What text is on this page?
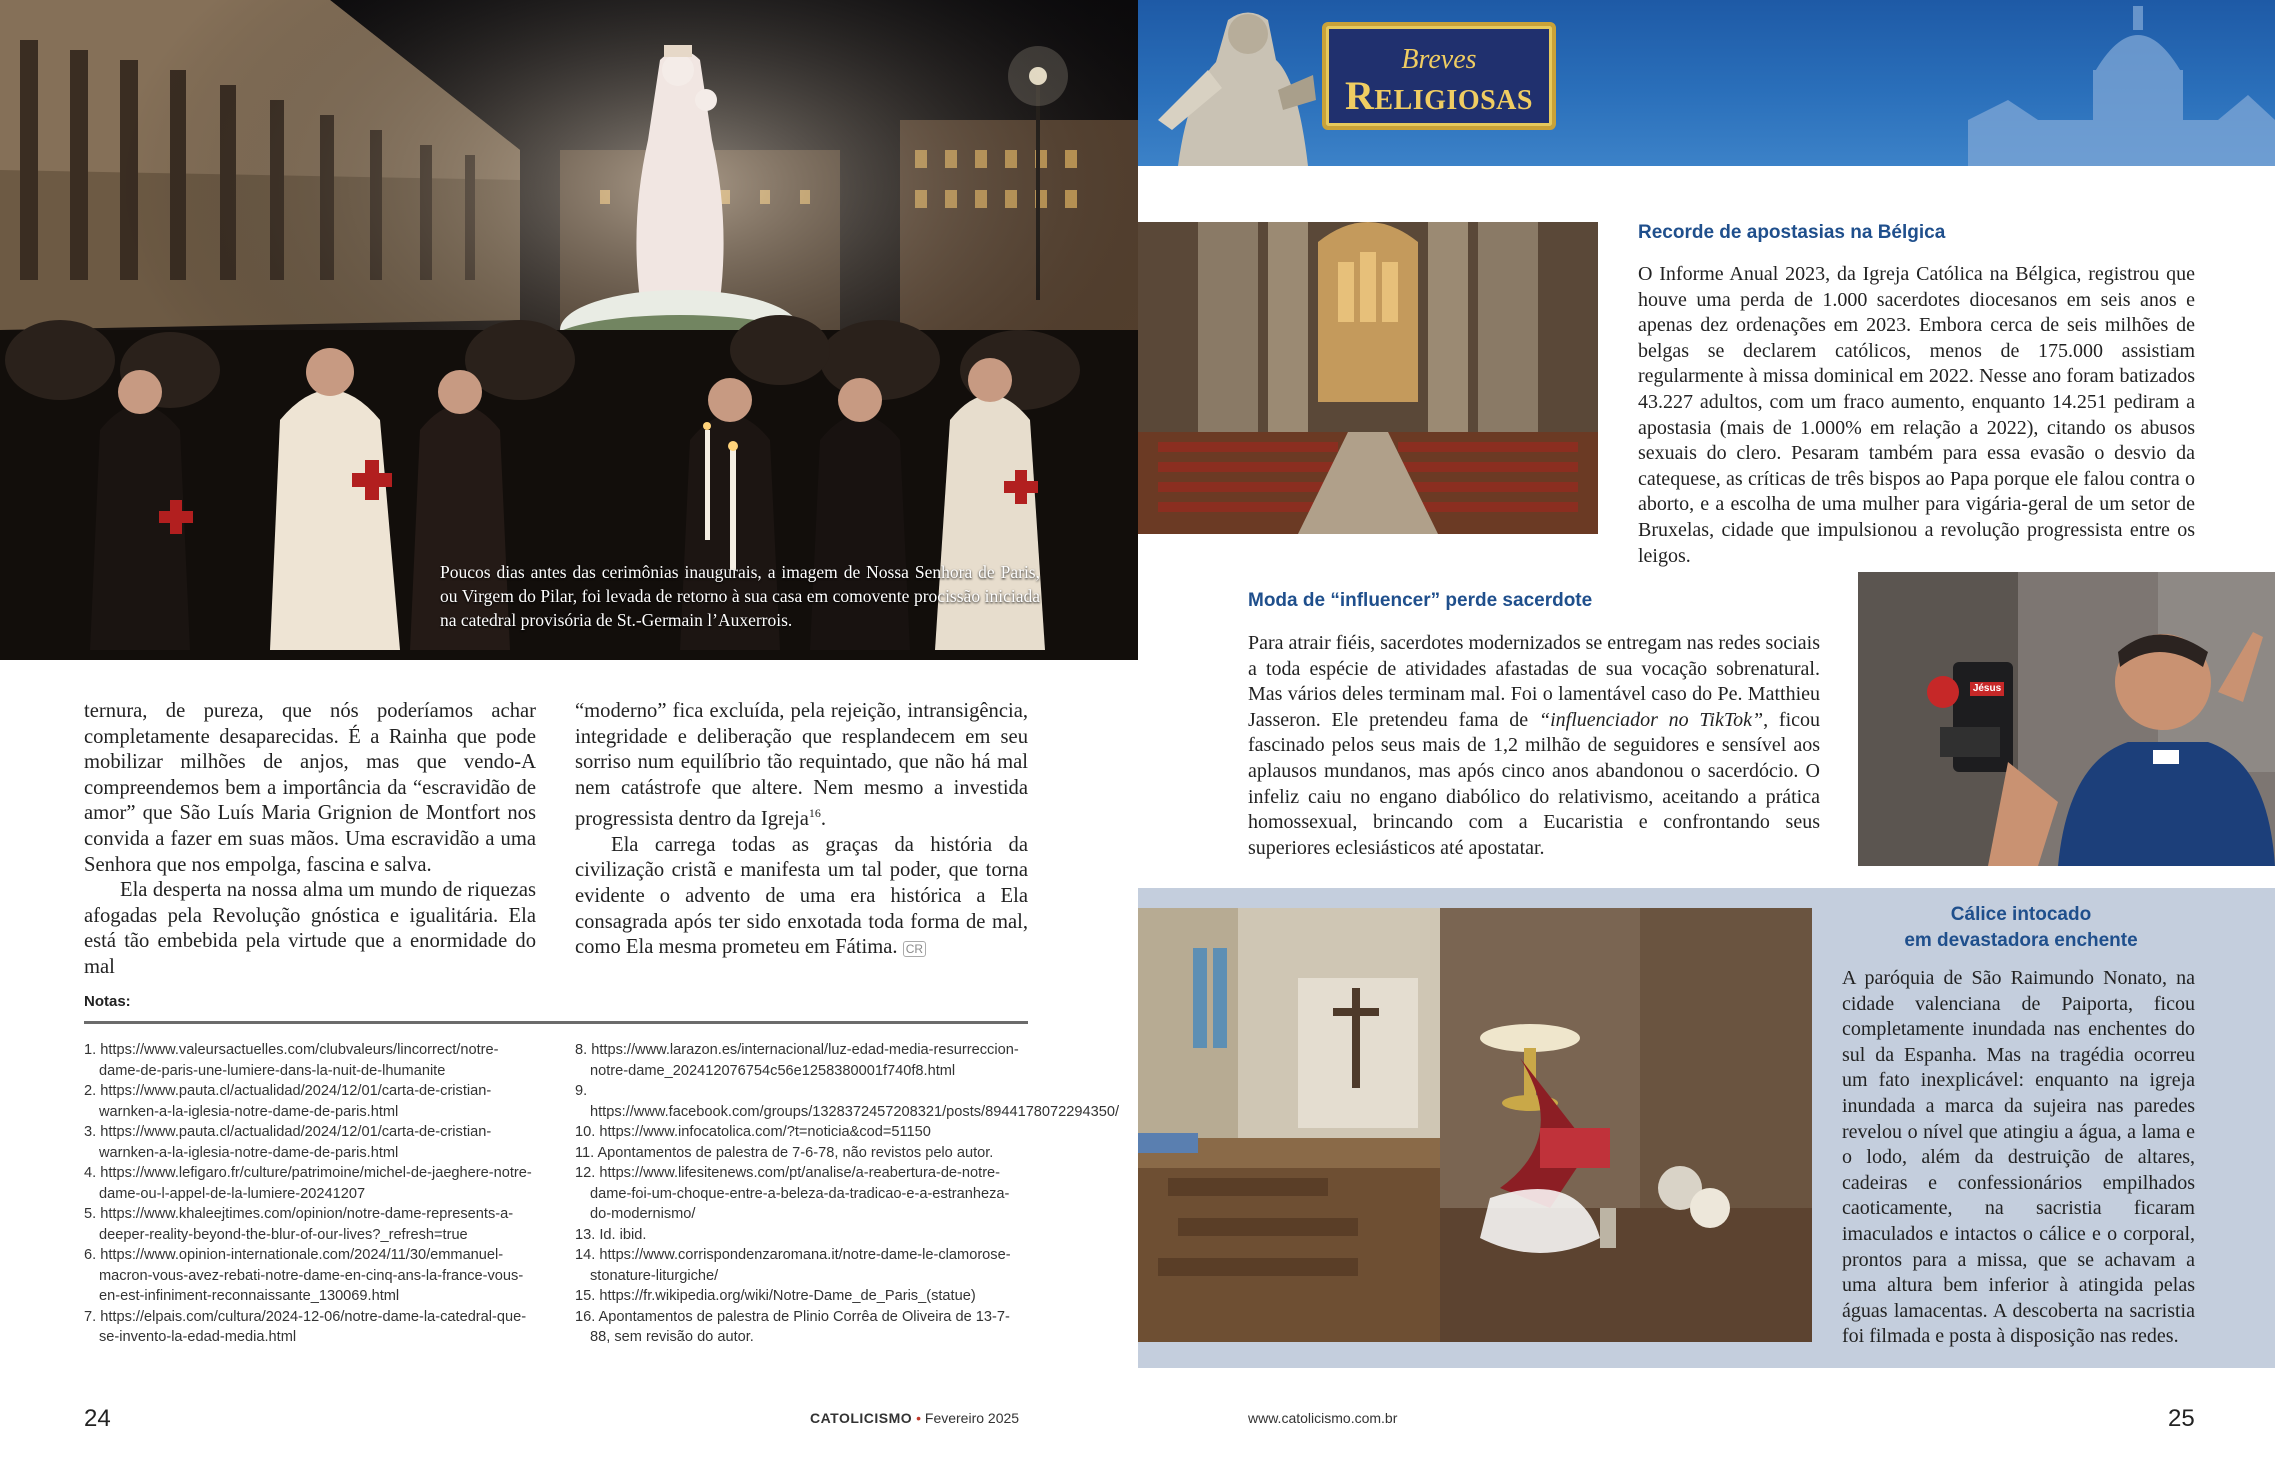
Poucos dias antes das cerimônias inaugurais, a imagem de Nossa Senhora de Paris, ou Virgem do Pilar, foi levada de retorno à sua casa em comovente procissão iniciada na catedral provisória de St.-Germain l’Auxerrois.

ternura, de pureza, que nós poderíamos achar completamente desaparecidas. É a Rainha que pode mobilizar milhões de anjos, mas que vendo-A compreendemos bem a importância da “escravidão de amor” que São Luís Maria Grignion de Montfort nos convida a fazer em suas mãos. Uma escravidão a uma Senhora que nos empolga, fascina e salva.

Ela desperta na nossa alma um mundo de riquezas afogadas pela Revolução gnóstica e igualitária. Ela está tão embebida pela virtude que a enormidade do mal

“moderno” fica excluída, pela rejeição, intransigência, integridade e deliberação que resplandecem em seu sorriso num equilíbrio tão requintado, que não há mal nem catástrofe que altere. Nem mesmo a investida progressista dentro da Igreja$^{16}$.

Ela carrega todas as graças da história da civilização cristã e manifesta um tal poder, que torna evidente o advento de uma era histórica a Ela consagrada após ter sido enxotada toda forma de mal, como Ela mesma prometeu em Fátima. CR

Notas:
1. https://www.valeursactuelles.com/clubvaleurs/lincorrect/notre-dame-de-paris-une-lumiere-dans-la-nuit-de-lhumanite
2. https://www.pauta.cl/actualidad/2024/12/01/carta-de-cristian-warnken-a-la-iglesia-notre-dame-de-paris.html
3. https://www.pauta.cl/actualidad/2024/12/01/carta-de-cristian-warnken-a-la-iglesia-notre-dame-de-paris.html
4. https://www.lefigaro.fr/culture/patrimoine/michel-de-jaeghere-notre-dame-ou-l-appel-de-la-lumiere-20241207
5. https://www.khaleejtimes.com/opinion/notre-dame-represents-a-deeper-reality-beyond-the-blur-of-our-lives?_refresh=true
6. https://www.opinion-internationale.com/2024/11/30/emmanuel-macron-vous-avez-rebati-notre-dame-en-cinq-ans-la-france-vous-en-est-infiniment-reconnaissante_130069.html
7. https://elpais.com/cultura/2024-12-06/notre-dame-la-catedral-que-se-invento-la-edad-media.html
8. https://www.larazon.es/internacional/luz-edad-media-resurreccion-notre-dame_202412076754c56e1258380001f740f8.html
9. https://www.facebook.com/groups/1328372457208321/posts/8944178072294350/
10. https://www.infocatolica.com/?t=noticia&cod=51150
11. Apontamentos de palestra de 7-6-78, não revistos pelo autor.
12. https://www.lifesitenews.com/pt/analise/a-reabertura-de-notre-dame-foi-um-choque-entre-a-beleza-da-tradicao-e-a-estranheza-do-modernismo/
13. Id. ibid.
14. https://www.corrispondenzaromana.it/notre-dame-le-clamorose-stonature-liturgiche/
15. https://fr.wikipedia.org/wiki/Notre-Dame_de_Paris_(statue)
16. Apontamentos de palestra de Plinio Corrêa de Oliveira de 13-7-88, sem revisão do autor.
24	CATOLICISMO • Fevereiro 2025
Breves
Religiosas
Recorde de apostasias na Bélgica
O Informe Anual 2023, da Igreja Católica na Bélgica, registrou que houve uma perda de 1.000 sacerdotes diocesanos em seis anos e apenas dez ordenações em 2023. Embora cerca de seis milhões de belgas se declarem católicos, menos de 175.000 assistiam regularmente à missa dominical em 2022. Nesse ano foram batizados 43.227 adultos, com um fraco aumento, enquanto 14.251 pediram a apostasia (mais de 1.000% em relação a 2022), citando os abusos sexuais do clero. Pesaram também para essa evasão o desvio da catequese, as críticas de três bispos ao Papa porque ele falou contra o aborto, e a escolha de uma mulher para vigária-geral de um setor de Bruxelas, cidade que impulsionou a revolução progressista entre os leigos.
Moda de “influencer” perde sacerdote
Para atrair fiéis, sacerdotes modernizados se entregam nas redes sociais a toda espécie de atividades afastadas de sua vocação sobrenatural. Mas vários deles terminam mal. Foi o lamentável caso do Pe. Matthieu Jasseron. Ele pretendeu fama de “influenciador no TikTok”, ficou fascinado pelos seus mais de 1,2 milhão de seguidores e sensível aos aplausos mundanos, mas após cinco anos abandonou o sacerdócio. O infeliz caiu no engano diabólico do relativismo, aceitando a prática homossexual, brincando com a Eucaristia e confrontando seus superiores eclesiásticos até apostatar.
Jésus
Cálice intocado
em devastadora enchente
A paróquia de São Raimundo Nonato, na cidade valenciana de Paiporta, ficou completamente inundada nas enchentes do sul da Espanha. Mas na tragédia ocorreu um fato inexplicável: enquanto na igreja inundada a marca da sujeira nas paredes revelou o nível que atingiu a água, a lama e o lodo, além da destruição de altares, cadeiras e confessionários empilhados caoticamente, na sacristia ficaram imaculados e intactos o cálice e o corporal, prontos para a missa, que se achavam a uma altura bem inferior à atingida pelas águas lamacentas. A descoberta na sacristia foi filmada e posta à disposição nas redes.
www.catolicismo.com.br	25
